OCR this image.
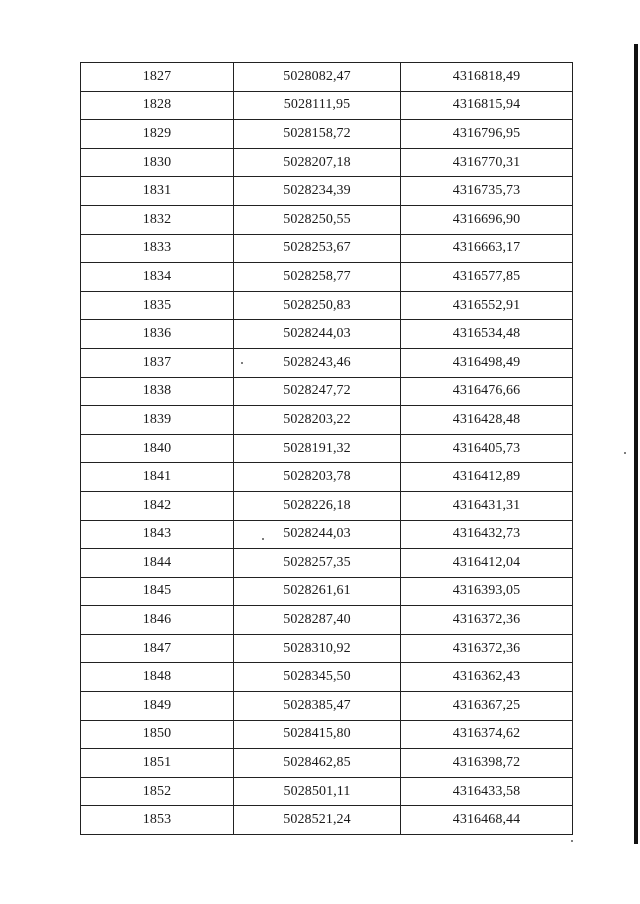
1827	5028082,47	4316818,49
1828	5028111,95	4316815,94
1829	5028158,72	4316796,95
1830	5028207,18	4316770,31
1831	5028234,39	4316735,73
1832	5028250,55	4316696,90
1833	5028253,67	4316663,17
1834	5028258,77	4316577,85
1835	5028250,83	4316552,91
1836	5028244,03	4316534,48
1837	5028243,46	4316498,49
1838	5028247,72	4316476,66
1839	5028203,22	4316428,48
1840	5028191,32	4316405,73
1841	5028203,78	4316412,89
1842	5028226,18	4316431,31
1843	5028244,03	4316432,73
1844	5028257,35	4316412,04
1845	5028261,61	4316393,05
1846	5028287,40	4316372,36
1847	5028310,92	4316372,36
1848	5028345,50	4316362,43
1849	5028385,47	4316367,25
1850	5028415,80	4316374,62
1851	5028462,85	4316398,72
1852	5028501,11	4316433,58
1853	5028521,24	4316468,44
